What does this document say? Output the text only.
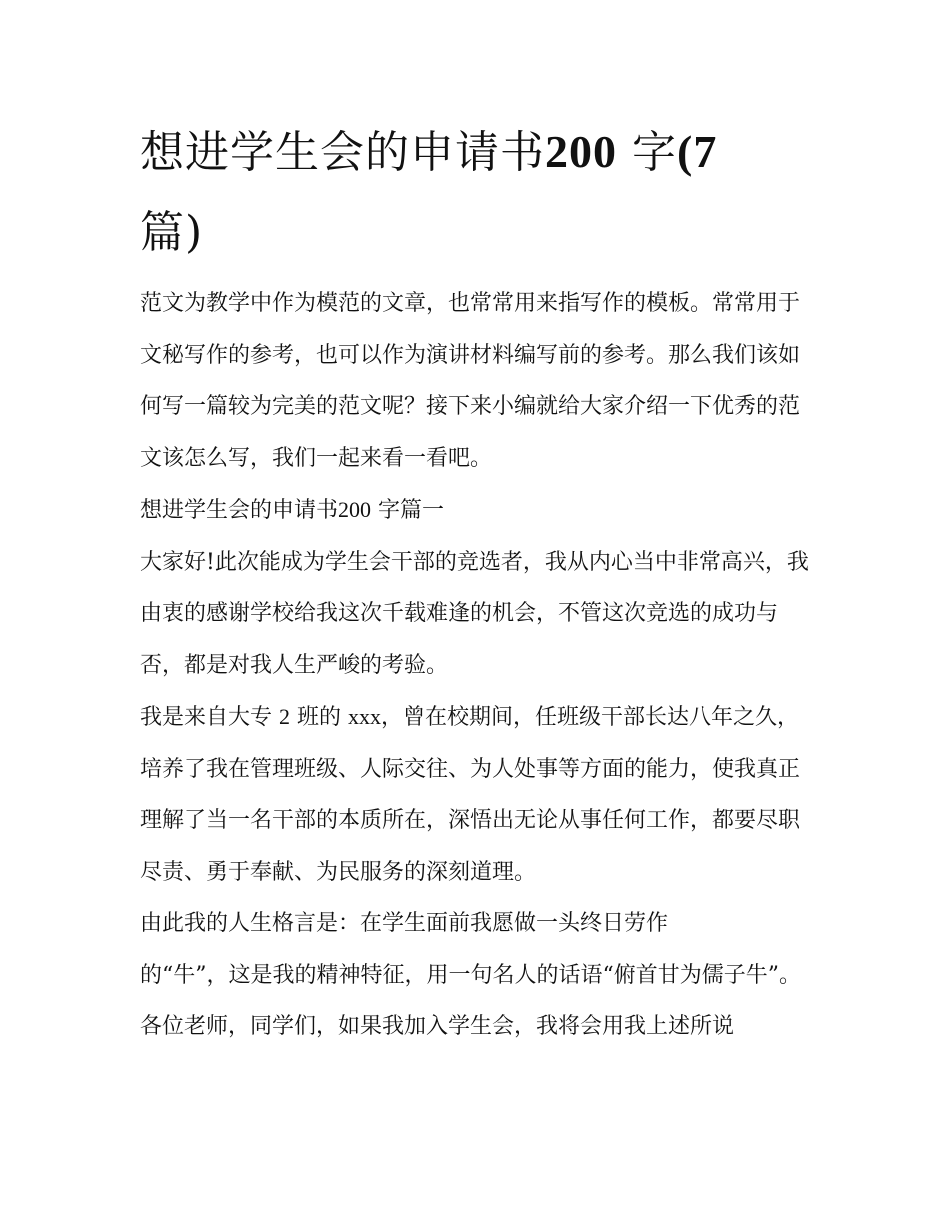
想进学生会的申请书200 字(7
篇)

范文为教学中作为模范的文章，也常常用来指写作的模板。常常用于文秘写作的参考，也可以作为演讲材料编写前的参考。那么我们该如何写一篇较为完美的范文呢？接下来小编就给大家介绍一下优秀的范文该怎么写，我们一起来看一看吧。

想进学生会的申请书200 字篇一

大家好!此次能成为学生会干部的竞选者，我从内心当中非常高兴，我由衷的感谢学校给我这次千载难逢的机会，不管这次竞选的成功与否，都是对我人生严峻的考验。

我是来自大专 2 班的 xxx，曾在校期间，任班级干部长达八年之久，培养了我在管理班级、人际交往、为人处事等方面的能力，使我真正理解了当一名干部的本质所在，深悟出无论从事任何工作，都要尽职尽责、勇于奉献、为民服务的深刻道理。

由此我的人生格言是：在学生面前我愿做一头终日劳作
的“牛”，这是我的精神特征，用一句名人的话语“俯首甘为儒子牛”。

各位老师，同学们，如果我加入学生会，我将会用我上述所说
